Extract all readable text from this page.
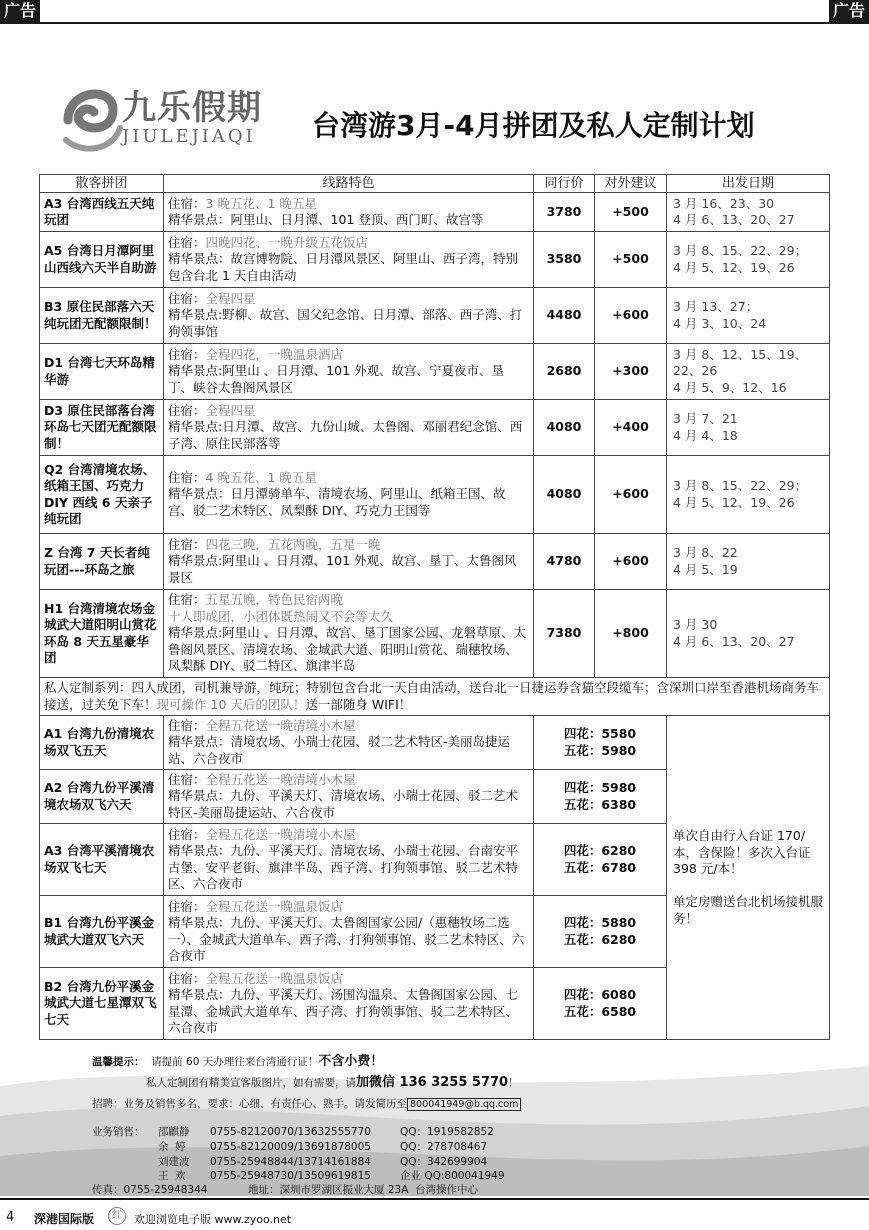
广告	广告
九乐假期
JIULEJIAQI 台湾游3月-4月拼团及私人定制计划
散客拼团	线路特色	同行价	对外建议	出发日期
A3 台湾西线五天纯玩团	住宿：3 晚五花、1 晚五星
精华景点：阿里山、日月潭、101 登顶、西门町、故宫等	3780	+500	3 月 16、23、30
4 月 6、13、20、27
A5 台湾日月潭阿里山西线六天半自助游	住宿：四晚四花、一晚升级五花饭店
精华景点：故宫博物院、日月潭风景区、阿里山、西子湾，特别包含台北 1 天自由活动	3580	+500	3 月 8、15、22、29；
4 月 5、12、19、26
B3 原住民部落六天纯玩团无配额限制！	住宿：全程四星
精华景点:野柳、故宫、国父纪念馆、日月潭、部落、西子湾、打狗领事馆	4480	+600	3 月 13、27；
4 月 3、10、24
D1 台湾七天环岛精华游	住宿：全程四花，一晚温泉酒店
精华景点:阿里山 、日月潭、101 外观、故宫、宁夏夜市、垦丁、峡谷太鲁阁风景区	2680	+300	3 月 8、12、15、19、22、26
4 月 5、9、12、16
D3 原住民部落台湾环岛七天团无配额限制！	住宿：全程四星
精华景点:日月潭、故宫、九份山城、太鲁阁、邓丽君纪念馆、西子湾、原住民部落等	4080	+400	3 月 7、21
4 月 4、18
Q2 台湾清境农场、纸箱王国、巧克力 DIY 西线 6 天亲子纯玩团	住宿：4 晚五花、1 晚五星
精华景点：日月潭骑单车、清境农场、阿里山、纸箱王国、故宫、驳二艺术特区、凤梨酥 DIY、巧克力王国等	4080	+600	3 月 8、15、22、29；
4 月 5、12、19、26
Z 台湾 7 天长者纯玩团---环岛之旅	住宿：四花三晚，五花两晚，五星一晚
精华景点:阿里山 、日月潭、101 外观、故宫、垦丁、太鲁阁风景区	4780	+600	3 月 8、22
4 月 5、19
H1 台湾清境农场金城武大道阳明山赏花环岛 8 天五星豪华团	住宿：五星五晚，特色民宿两晚
十人即成团，小团体既热闹又不会等太久
精华景点:阿里山 、日月潭、故宫、垦丁国家公园、龙磐草原、太鲁阁风景区、清境农场、金城武大道、阳明山赏花、瑞穗牧场、凤梨酥 DIY、驳二特区、旗津半岛	7380	+800	3 月 30
4 月 6、13、20、27
私人定制系列：四人成团，司机兼导游，纯玩；特别包含台北一天自由活动，送台北一日捷运券含猫空段缆车；含深圳口岸至香港机场商务车接送，过关免下车！现可操作 10 天后的团队！送一部随身 WIFI！				
A1 台湾九份清境农场双飞五天	住宿：全程五花送一晚清境小木屋
精华景点：清境农场、小瑞士花园、驳二艺术特区-美丽岛捷运站、六合夜市	四花：5580
五花：5980		单次自由行入台证 170/本，含保险！多次入台证 398 元/本！

单定房赠送台北机场接机服务！
A2 台湾九份平溪清境农场双飞六天	住宿：全程五花送一晚清境小木屋
精华景点：九份、平溪天灯、清境农场、小瑞士花园、驳二艺术特区-美丽岛捷运站、六合夜市	四花：5980
五花：6380		
A3 台湾平溪清境农场双飞七天	住宿：全程五花送一晚清境小木屋
精华景点：九份、平溪天灯、清境农场、小瑞士花园、台南安平古堡、安平老街、旗津半岛、西子湾、打狗领事馆、驳二艺术特区、六合夜市	四花：6280
五花：6780		
B1 台湾九份平溪金城武大道双飞六天	住宿：全程五花送一晚温泉饭店
精华景点：九份、平溪天灯、太鲁阁国家公园/（惠穗牧场二选一）、金城武大道单车、西子湾、打狗领事馆、驳二艺术特区、六合夜市	四花：5880
五花：6280		
B2 台湾九份平溪金城武大道七星潭双飞七天	住宿：全程五花送一晚温泉饭店
精华景点：九份、平溪天灯、汤围沟温泉、太鲁阁国家公园、七星潭、金城武大道单车、西子湾、打狗领事馆、驳二艺术特区、六合夜市	四花：6080
五花：6580		
温馨提示： 请提前 60 天办理往来台湾通行证！不含小费！
私人定制团有精美宣客版图片，如有需要，请加微信 136 3255 5770！
招聘：业务及销售多名，要求：心细、有责任心、熟手。请发简历至 800041949@b.qq.com
业务销售： 邵麒静 0755-82120070/13632555770	QQ：1919582852
余  婷 0755-82120009/13691878005	QQ：278708467
刘建波 0755-25948844/13714161884	QQ：342699904
王  欢 0755-25948730/13509619815	企业 QQ:800041949
传真：0755-25948344	地址：深圳市罗湖区振业大厦 23A  台湾操作中心
4 深港国际版	红	欢迎浏览电子版 www.zyoo.net
